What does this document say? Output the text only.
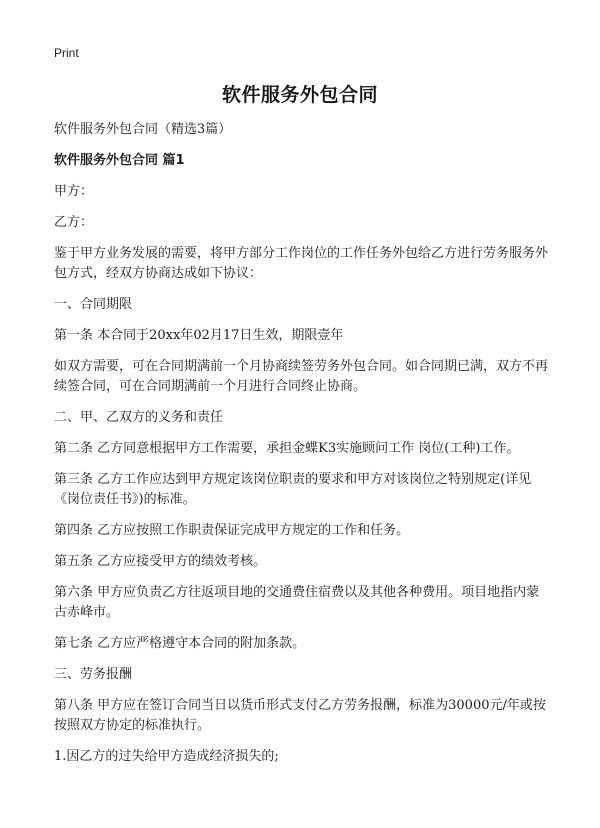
Print
软件服务外包合同

软件服务外包合同（精选3篇）

软件服务外包合同 篇1

甲方：

乙方：

鉴于甲方业务发展的需要，将甲方部分工作岗位的工作任务外包给乙方进行劳务服务外包方式，经双方协商达成如下协议：

一、合同期限

第一条 本合同于20xx年02月17日生效，期限壹年

如双方需要，可在合同期满前一个月协商续签劳务外包合同。如合同期已满，双方不再续签合同，可在合同期满前一个月进行合同终止协商。

二、甲、乙双方的义务和责任

第二条 乙方同意根据甲方工作需要，承担金蝶K3实施顾问工作 岗位(工种)工作。

第三条 乙方工作应达到甲方规定该岗位职责的要求和甲方对该岗位之特别规定(详见《岗位责任书》)的标准。

第四条 乙方应按照工作职责保证完成甲方规定的工作和任务。

第五条 乙方应接受甲方的绩效考核。

第六条 甲方应负责乙方往返项目地的交通费住宿费以及其他各种费用。项目地指内蒙古赤峰市。

第七条 乙方应严格遵守本合同的附加条款。

三、劳务报酬

第八条 甲方应在签订合同当日以货币形式支付乙方劳务报酬，标准为30000元/年或按按照双方协定的标准执行。

1.因乙方的过失给甲方造成经济损失的;
